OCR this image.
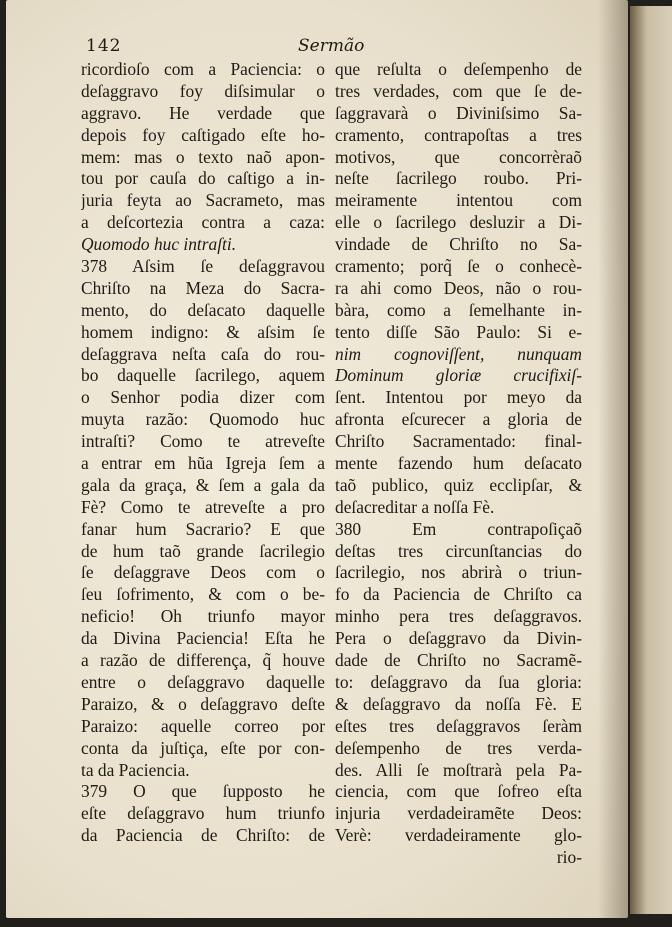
142	Sermão
ricordioſo com a Paciencia: o
deſaggravo foy diſsimular o
aggravo. He verdade que
depois foy caſtigado eſte ho-
mem: mas o texto naõ apon-
tou por cauſa do caſtigo a in-
juria feyta ao Sacrameto, mas
a deſcortezia contra a caza:
Quomodo huc intraſti.
378 Aſsim ſe deſaggravou
Chriſto na Meza do Sacra-
mento, do deſacato daquelle
homem indigno: & aſsim ſe
deſaggrava neſta caſa do rou-
bo daquelle ſacrilego, aquem
o Senhor podia dizer com
muyta razão: Quomodo huc
intraſti? Como te atreveſte
a entrar em hũa Igreja ſem a
gala da graça, & ſem a gala da
Fè? Como te atreveſte a pro
fanar hum Sacrario? E que
de hum taõ grande ſacrilegio
ſe deſaggrave Deos com o
ſeu ſofrimento, & com o be-
neficio! Oh triunfo mayor
da Divina Paciencia! Eſta he
a razão de differença, q̃ houve
entre o deſaggravo daquelle
Paraizo, & o deſaggravo deſte
Paraizo: aquelle correo por
conta da juſtiça, eſte por con-
ta da Paciencia.
379 O que ſupposto he
eſte deſaggravo hum triunfo
da Paciencia de Chriſto: de
que reſulta o deſempenho de
tres verdades, com que ſe de-
ſaggravarà o Diviniſsimo Sa-
cramento, contrapoſtas a tres
motivos, que concorrèraõ
neſte ſacrilego roubo. Pri-
meiramente intentou com
elle o ſacrilego desluzir a Di-
vindade de Chriſto no Sa-
cramento; porq̃ ſe o conhecè-
ra ahi como Deos, não o rou-
bàra, como a ſemelhante in-
tento diſſe São Paulo: Si e-
nim cognoviſſent, nunquam
Dominum gloriæ crucifixiſ-
ſent. Intentou por meyo da
afronta eſcurecer a gloria de
Chriſto Sacramentado: final-
mente fazendo hum deſacato
taõ publico, quiz ecclipſar, &
deſacreditar a noſſa Fè.
380 Em contrapoſiçaõ
deſtas tres circunſtancias do
ſacrilegio, nos abrirà o triun-
fo da Paciencia de Chriſto ca
minho pera tres deſaggravos.
Pera o deſaggravo da Divin-
dade de Chriſto no Sacramẽ-
to: deſaggravo da ſua gloria:
& deſaggravo da noſſa Fè. E
eſtes tres deſaggravos ſeràm
deſempenho de tres verda-
des. Alli ſe moſtrarà pela Pa-
ciencia, com que ſofreo eſta
injuria verdadeiramẽte Deos:
Verè: verdadeiramente glo-
rio-
